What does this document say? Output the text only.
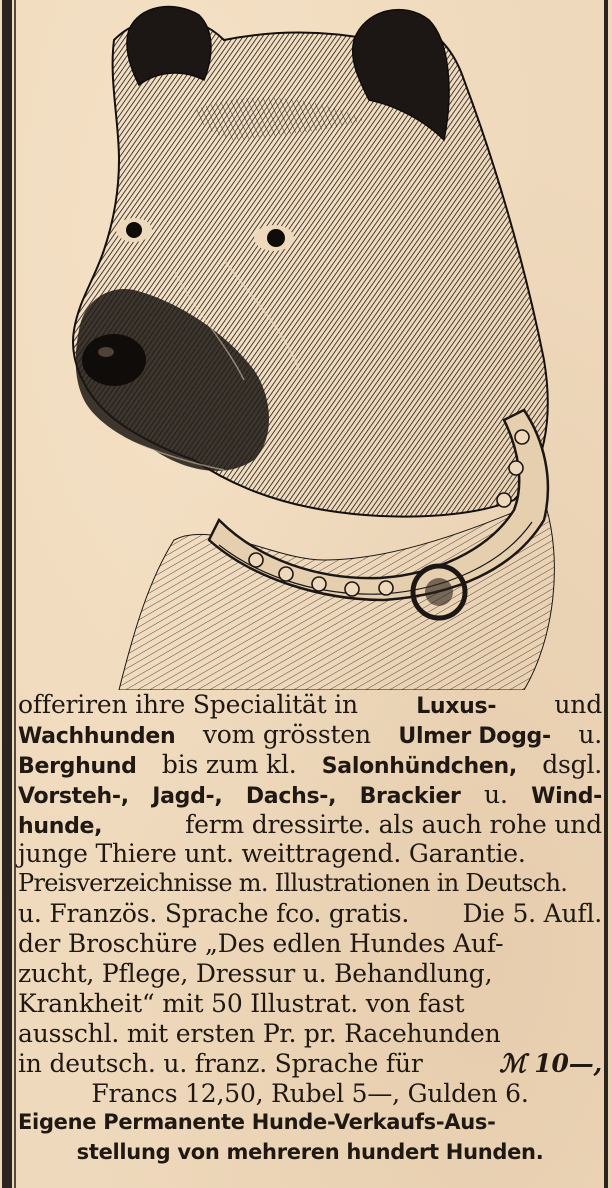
offeriren ihre Specialität in	Luxus- und
Wachhunden vom grössten Ulmer Dogg- u.
Berghund bis zum kl. Salonhündchen, dsgl.
Vorsteh-, Jagd-, Dachs-, Brackier u. Wind-
hunde,	ferm dressirte. als auch rohe und
junge Thiere unt. weittragend. Garantie.
Preisverzeichnisse m. Illustrationen in Deutsch.
u. Französ. Sprache fco. gratis. Die 5. Aufl.
der Broschüre „Des edlen Hundes Auf-
zucht, Pflege, Dressur u. Behandlung,
Krankheit“ mit 50 Illustrat. von fast
ausschl. mit ersten Pr. pr. Racehunden
in deutsch. u. franz. Sprache für	ℳ 10—,
Francs 12,50, Rubel 5—, Gulden 6.
Eigene Permanente Hunde-Verkaufs-Aus-
stellung von mehreren hundert Hunden.
